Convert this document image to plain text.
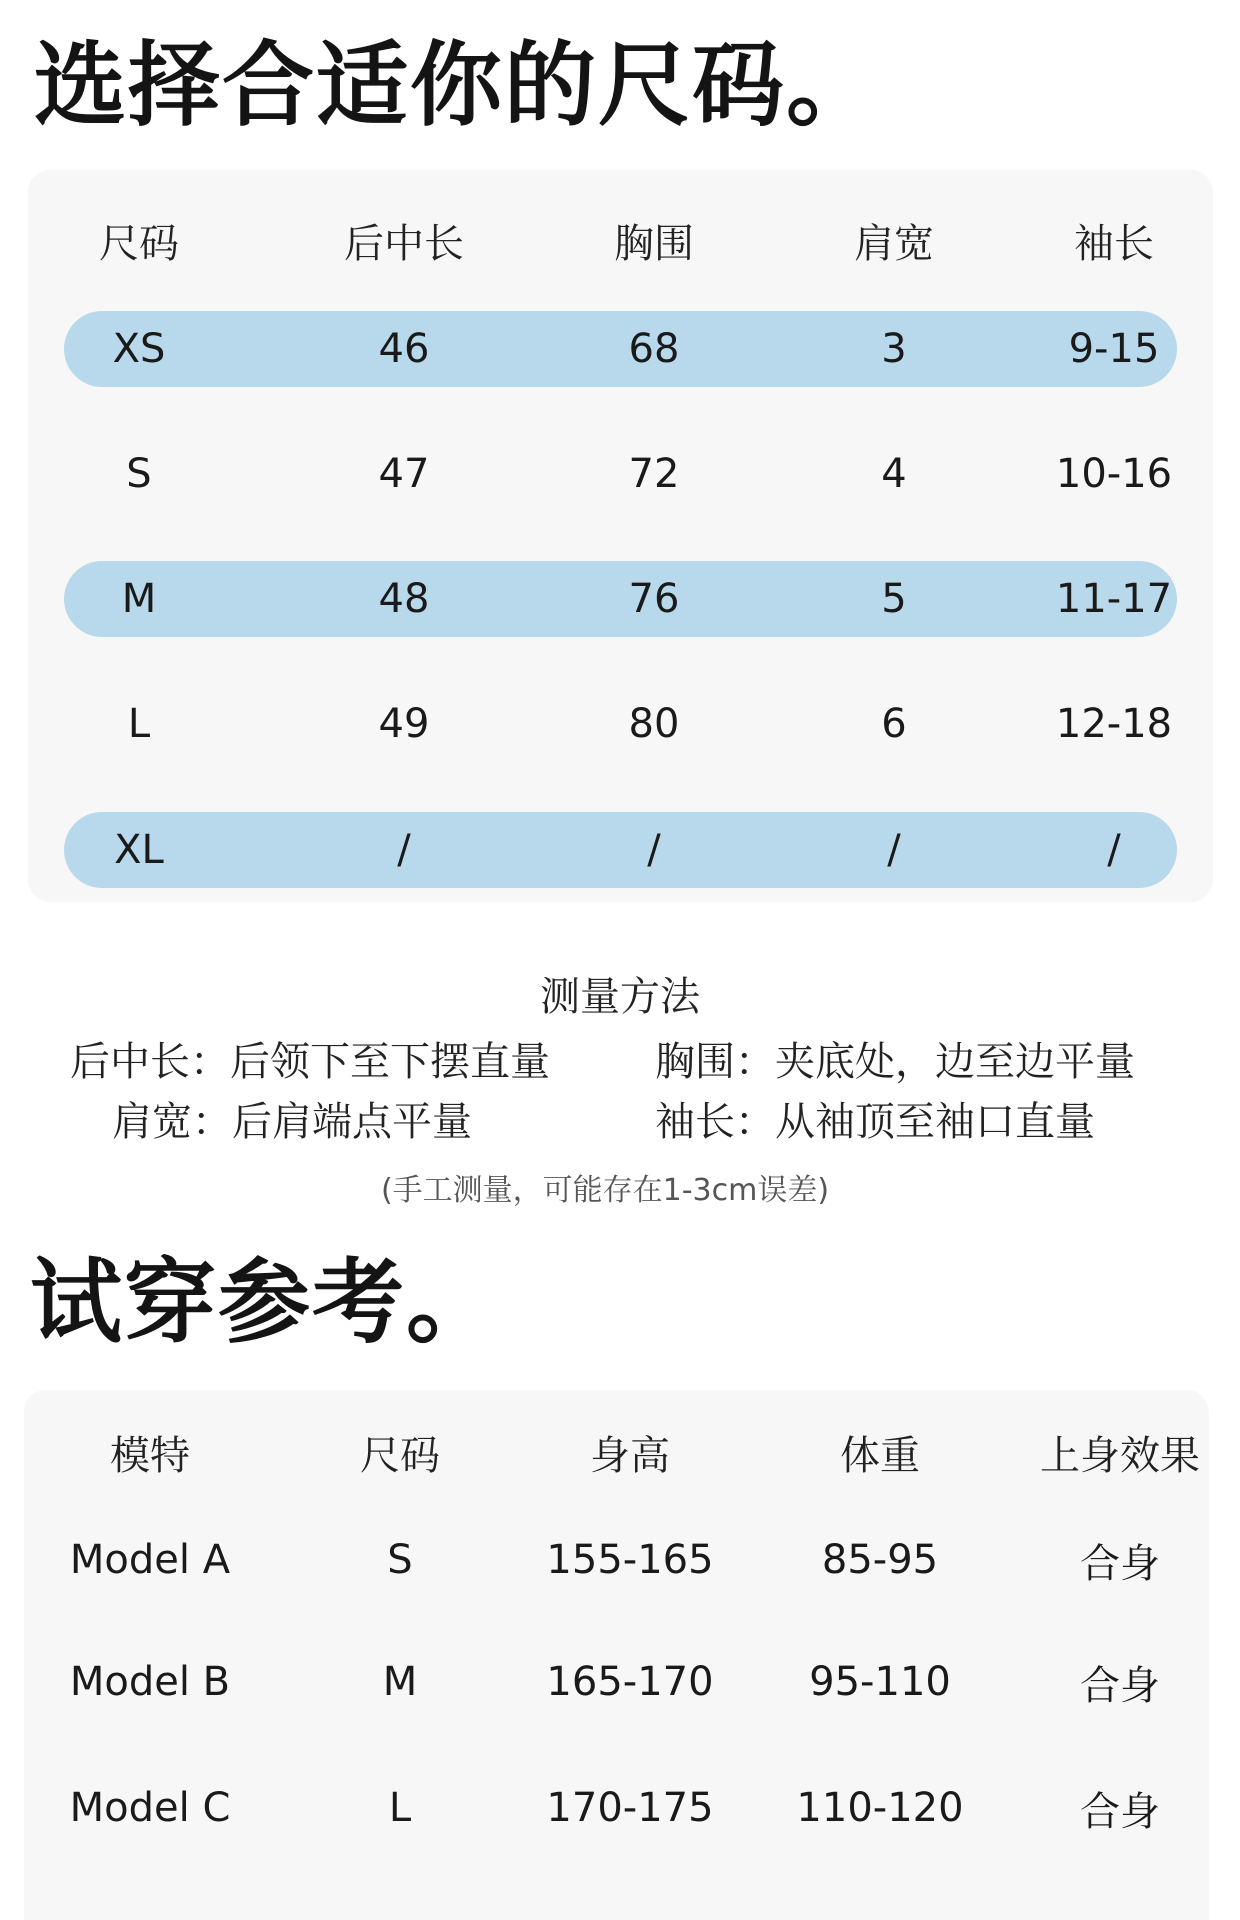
选择合适你的尺码。
尺码	后中长	胸围	肩宽	袖长
XS	46	68	3	9-15
S	47	72	4	10-16
M	48	76	5	11-17
L	49	80	6	12-18
XL	/	/	/	/
测量方法
后中长：后领下至下摆直量	胸围：夹底处，边至边平量
肩宽：后肩端点平量	袖长：从袖顶至袖口直量
(手工测量，可能存在1-3cm误差)
试穿参考。
模特	尺码	身高	体重	上身效果
Model A	S	155-165	85-95	合身
Model B	M	165-170	95-110	合身
Model C	L	170-175	110-120	合身
